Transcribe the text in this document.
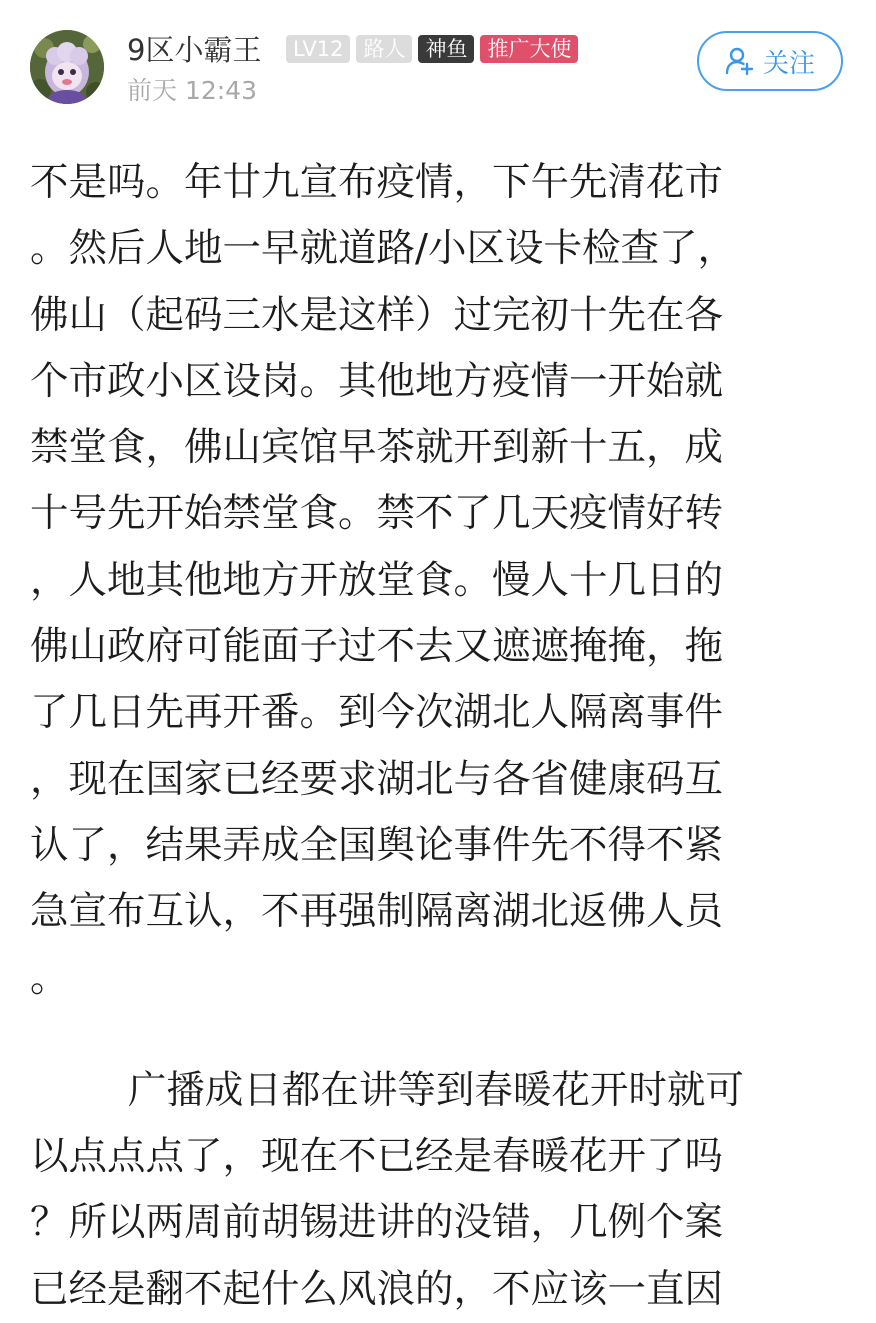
9区小霸王	LV12 路人 神鱼 推广大使
前天 12:43
关注
不是吗。年廿九宣布疫情，下午先清花市
。然后人地一早就道路/小区设卡检查了，
佛山（起码三水是这样）过完初十先在各
个市政小区设岗。其他地方疫情一开始就
禁堂食，佛山宾馆早茶就开到新十五，成
十号先开始禁堂食。禁不了几天疫情好转
，人地其他地方开放堂食。慢人十几日的
佛山政府可能面子过不去又遮遮掩掩，拖
了几日先再开番。到今次湖北人隔离事件
，现在国家已经要求湖北与各省健康码互
认了，结果弄成全国舆论事件先不得不紧
急宣布互认，不再强制隔离湖北返佛人员
。
广播成日都在讲等到春暖花开时就可
以点点点了，现在不已经是春暖花开了吗
？所以两周前胡锡进讲的没错，几例个案
已经是翻不起什么风浪的，不应该一直因
